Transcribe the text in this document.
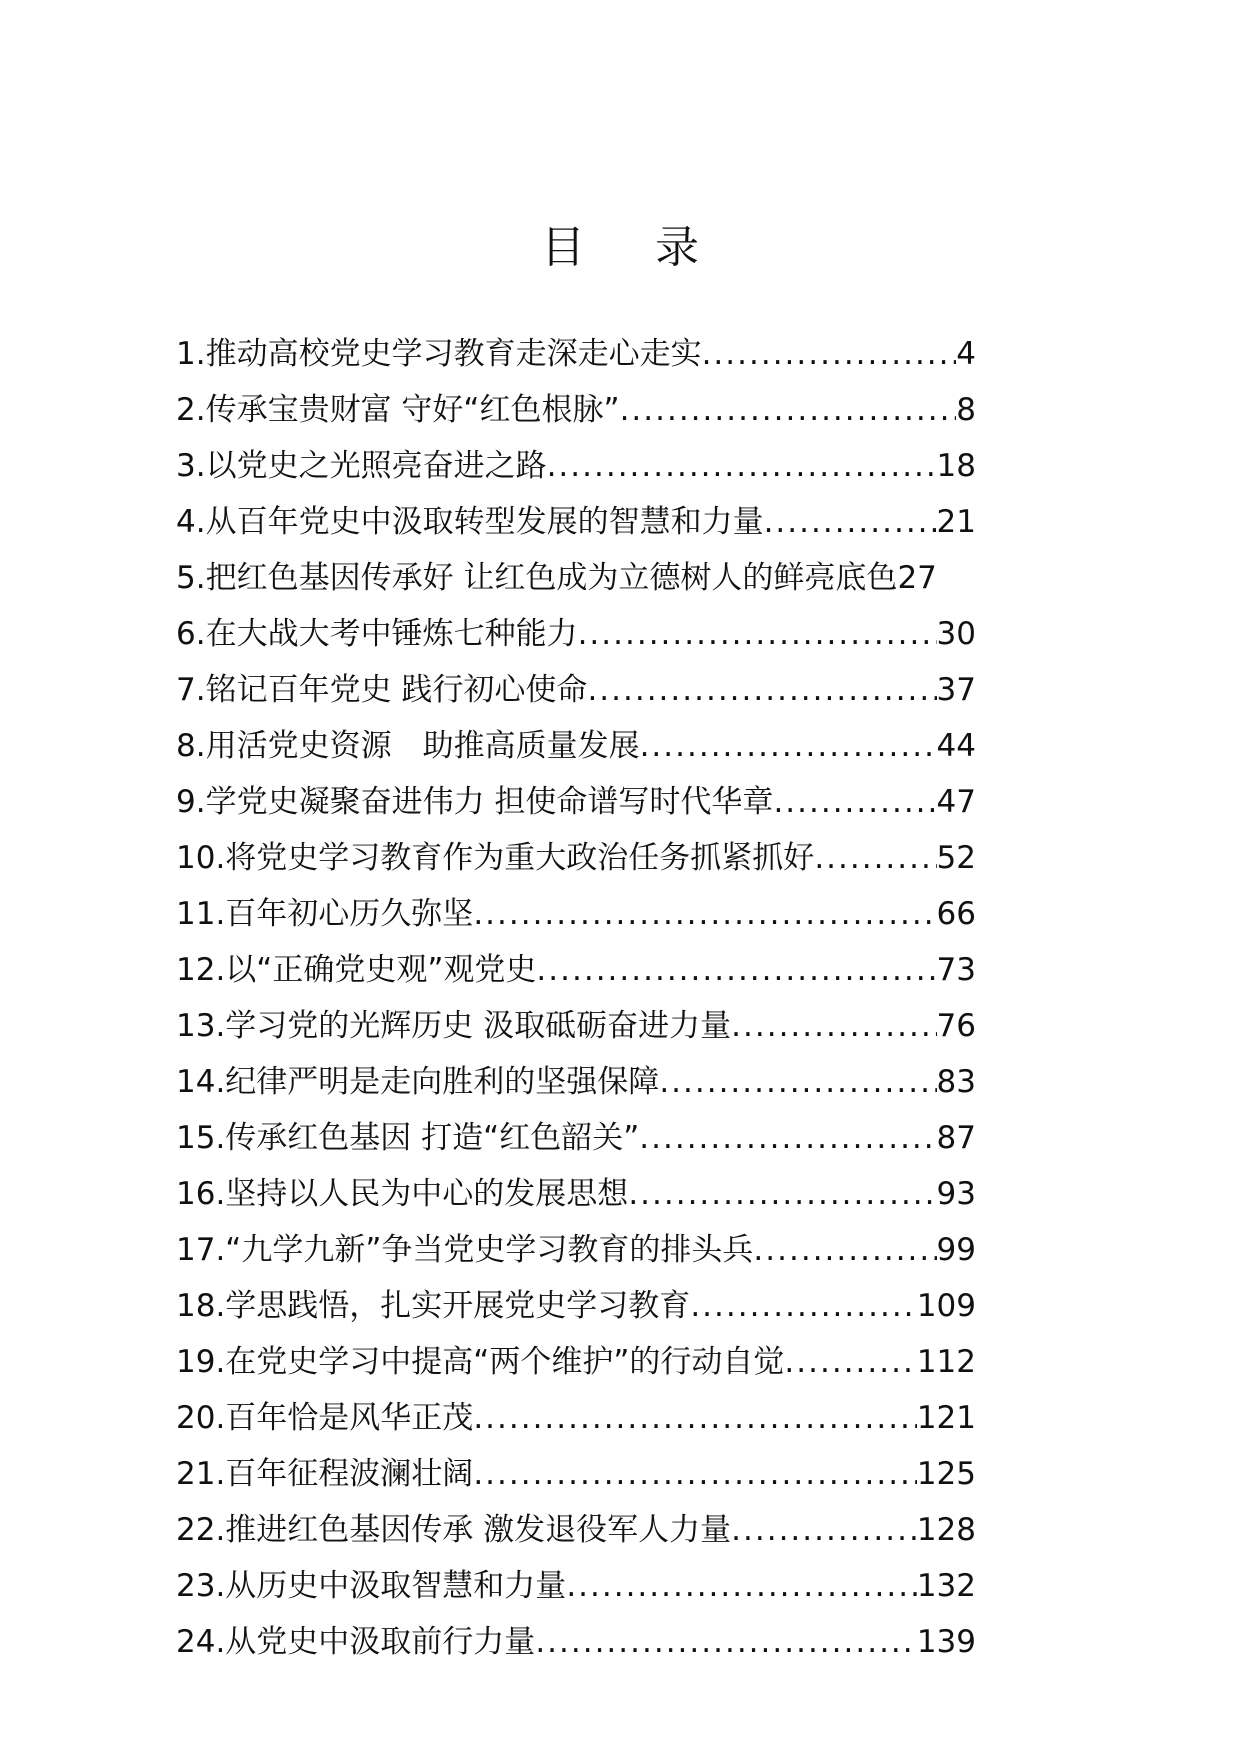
目 录
1.推动高校党史学习教育走深走心走实 .....	4
2.传承宝贵财富 守好“红色根脉” .....	8
3.以党史之光照亮奋进之路 .....	18
4.从百年党史中汲取转型发展的智慧和力量 .....	21
5.把红色基因传承好 让红色成为立德树人的鲜亮底色 27
6.在大战大考中锤炼七种能力 .....	30
7.铭记百年党史 践行初心使命 .....	37
8.用活党史资源　助推高质量发展 .....	44
9.学党史凝聚奋进伟力 担使命谱写时代华章 .....	47
10.将党史学习教育作为重大政治任务抓紧抓好 .....	52
11.百年初心历久弥坚 .....	66
12.以“正确党史观”观党史 .....	73
13.学习党的光辉历史 汲取砥砺奋进力量 .....	76
14.纪律严明是走向胜利的坚强保障 .....	83
15.传承红色基因 打造“红色韶关” .....	87
16.坚持以人民为中心的发展思想 .....	93
17.“九学九新”争当党史学习教育的排头兵 .....	99
18.学思践悟，扎实开展党史学习教育 .....	109
19.在党史学习中提高“两个维护”的行动自觉 .....	112
20.百年恰是风华正茂 .....	121
21.百年征程波澜壮阔 .....	125
22.推进红色基因传承 激发退役军人力量 .....	128
23.从历史中汲取智慧和力量 .....	132
24.从党史中汲取前行力量 .....	139
